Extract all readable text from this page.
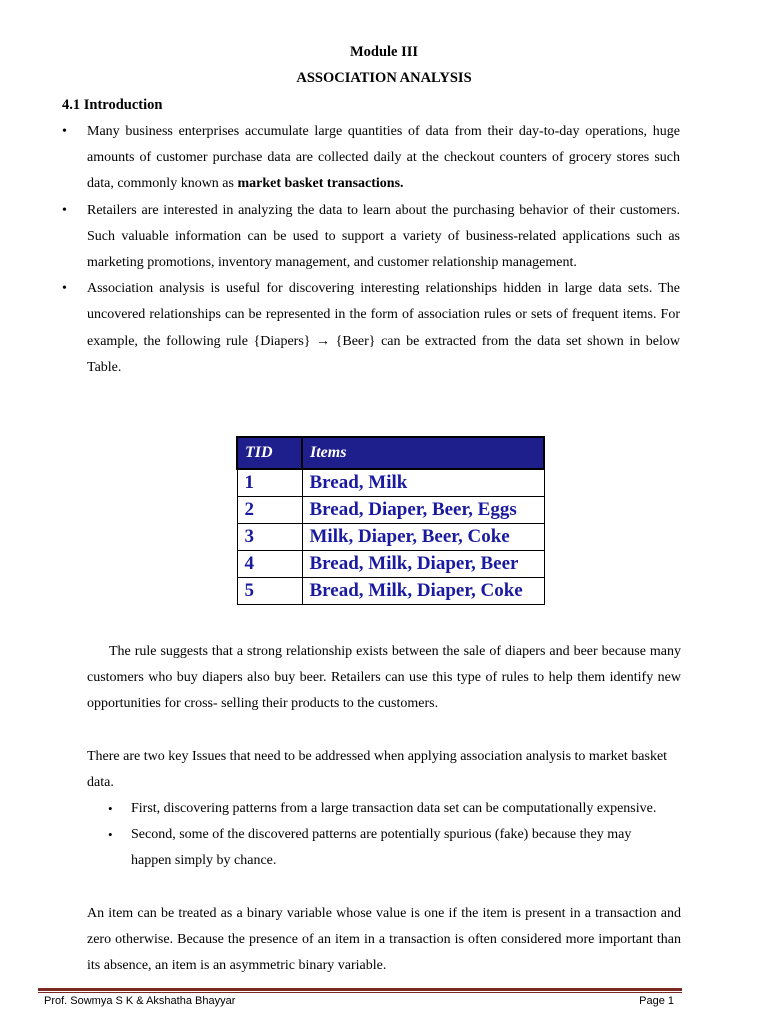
Module III
ASSOCIATION ANALYSIS
4.1 Introduction
• Many business enterprises accumulate large quantities of data from their day-to-day operations, huge amounts of customer purchase data are collected daily at the checkout counters of grocery stores such data, commonly known as market basket transactions.
• Retailers are interested in analyzing the data to learn about the purchasing behavior of their customers. Such valuable information can be used to support a variety of business-related applications such as marketing promotions, inventory management, and customer relationship management.
• Association analysis is useful for discovering interesting relationships hidden in large data sets. The uncovered relationships can be represented in the form of association rules or sets of frequent items. For example, the following rule {Diapers} → {Beer} can be extracted from the data set shown in below Table.
TID	Items
1	Bread, Milk
2	Bread, Diaper, Beer, Eggs
3	Milk, Diaper, Beer, Coke
4	Bread, Milk, Diaper, Beer
5	Bread, Milk, Diaper, Coke

The rule suggests that a strong relationship exists between the sale of diapers and beer because many customers who buy diapers also buy beer. Retailers can use this type of rules to help them identify new opportunities for cross- selling their products to the customers.

There are two key Issues that need to be addressed when applying association analysis to market basket data.

• First, discovering patterns from a large transaction data set can be computationally expensive.
• Second, some of the discovered patterns are potentially spurious (fake) because they may happen simply by chance.

An item can be treated as a binary variable whose value is one if the item is present in a transaction and zero otherwise. Because the presence of an item in a transaction is often considered more important than its absence, an item is an asymmetric binary variable.

Prof. Sowmya S K & Akshatha Bhayyar	Page 1
